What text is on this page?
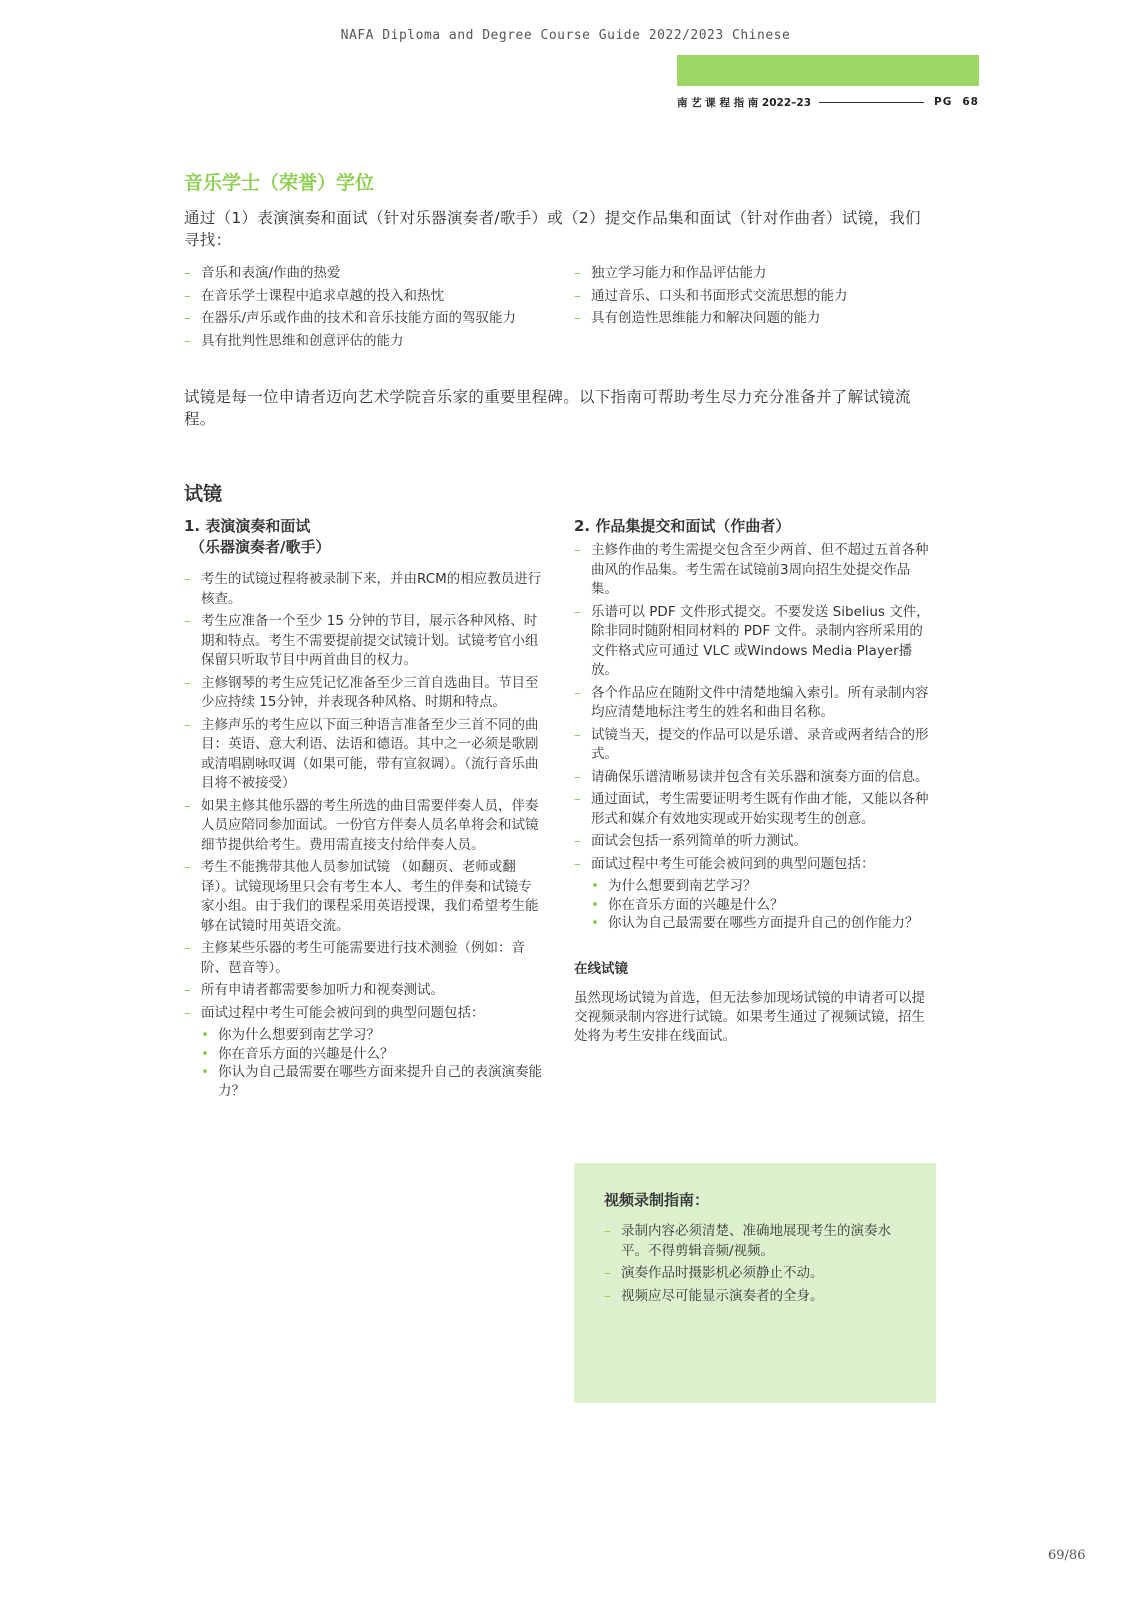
NAFA Diploma and Degree Course Guide 2022/2023 Chinese
南 艺 课 程 指 南 2022–23	PG 68
音乐学士（荣誉）学位

通过（1）表演演奏和面试（针对乐器演奏者/歌手）或（2）提交作品集和面试（针对作曲者）试镜，我们寻找：

– 音乐和表演/作曲的热爱
– 在音乐学士课程中追求卓越的投入和热忱
– 在器乐/声乐或作曲的技术和音乐技能方面的驾驭能力
– 具有批判性思维和创意评估的能力
– 独立学习能力和作品评估能力
– 通过音乐、口头和书面形式交流思想的能力
– 具有创造性思维能力和解决问题的能力

试镜是每一位申请者迈向艺术学院音乐家的重要里程碑。以下指南可帮助考生尽力充分准备并了解试镜流程。

试镜
1. 表演演奏和面试
（乐器演奏者/歌手）
– 考生的试镜过程将被录制下来，并由RCM的相应教员进行核查。
– 考生应准备一个至少 15 分钟的节目，展示各种风格、时期和特点。考生不需要提前提交试镜计划。试镜考官小组保留只听取节目中两首曲目的权力。
– 主修钢琴的考生应凭记忆准备至少三首自选曲目。节目至少应持续 15分钟，并表现各种风格、时期和特点。
– 主修声乐的考生应以下面三种语言准备至少三首不同的曲目：英语、意大利语、法语和德语。其中之一必须是歌剧或清唱剧咏叹调（如果可能，带有宣叙调）。（流行音乐曲目将不被接受）
– 如果主修其他乐器的考生所选的曲目需要伴奏人员，伴奏人员应陪同参加面试。一份官方伴奏人员名单将会和试镜细节提供给考生。费用需直接支付给伴奏人员。
– 考生不能携带其他人员参加试镜 （如翻页、老师或翻译）。试镜现场里只会有考生本人、考生的伴奏和试镜专家小组。由于我们的课程采用英语授课，我们希望考生能够在试镜时用英语交流。
– 主修某些乐器的考生可能需要进行技术测验（例如：音阶、琶音等）。
– 所有申请者都需要参加听力和视奏测试。
– 面试过程中考生可能会被问到的典型问题包括：
• 你为什么想要到南艺学习？
• 你在音乐方面的兴趣是什么？
• 你认为自己最需要在哪些方面来提升自己的表演演奏能力？
2. 作品集提交和面试（作曲者）
– 主修作曲的考生需提交包含至少两首、但不超过五首各种曲风的作品集。考生需在试镜前3周向招生处提交作品集。
– 乐谱可以 PDF 文件形式提交。不要发送 Sibelius 文件，除非同时随附相同材料的 PDF 文件。录制内容所采用的文件格式应可通过 VLC 或Windows Media Player播放。
– 各个作品应在随附文件中清楚地编入索引。所有录制内容均应清楚地标注考生的姓名和曲目名称。
– 试镜当天，提交的作品可以是乐谱、录音或两者结合的形式。
– 请确保乐谱清晰易读并包含有关乐器和演奏方面的信息。
– 通过面试，考生需要证明考生既有作曲才能，又能以各种形式和媒介有效地实现或开始实现考生的创意。
– 面试会包括一系列简单的听力测试。
– 面试过程中考生可能会被问到的典型问题包括：
• 为什么想要到南艺学习？
• 你在音乐方面的兴趣是什么？
• 你认为自己最需要在哪些方面提升自己的创作能力？
在线试镜

虽然现场试镜为首选，但无法参加现场试镜的申请者可以提交视频录制内容进行试镜。如果考生通过了视频试镜，招生处将为考生安排在线面试。

视频录制指南：
– 录制内容必须清楚、准确地展现考生的演奏水平。不得剪辑音频/视频。
– 演奏作品时摄影机必须静止不动。
– 视频应尽可能显示演奏者的全身。
69/86
